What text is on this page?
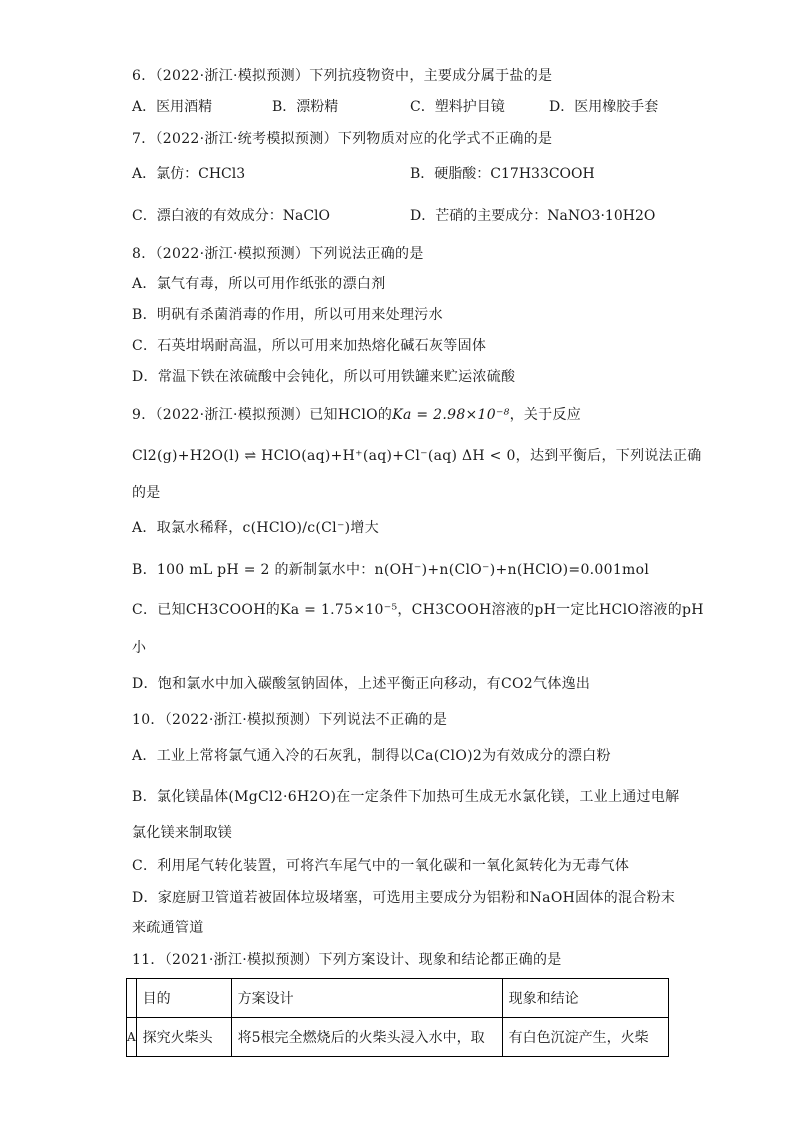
6．（2022·浙江·模拟预测）下列抗疫物资中，主要成分属于盐的是
A．医用酒精	B．漂粉精	C．塑料护目镜	D．医用橡胶手套
7．（2022·浙江·统考模拟预测）下列物质对应的化学式不正确的是
A．氯仿：CHCl3	B．硬脂酸：C17H33COOH
C．漂白液的有效成分：NaClO	D．芒硝的主要成分：NaNO3·10H2O
8．（2022·浙江·模拟预测）下列说法正确的是
A．氯气有毒，所以可用作纸张的漂白剂
B．明矾有杀菌消毒的作用，所以可用来处理污水
C．石英坩埚耐高温，所以可用来加热熔化碱石灰等固体
D．常温下铁在浓硫酸中会钝化，所以可用铁罐来贮运浓硫酸
9．（2022·浙江·模拟预测）已知HClO的Ka = 2.98×10⁻⁸，关于反应
Cl2(g)+H2O(l) ⇌ HClO(aq)+H⁺(aq)+Cl⁻(aq) ΔH < 0，达到平衡后，下列说法正确
的是
A．取氯水稀释，c(HClO)/c(Cl⁻)增大
B．100 mL pH = 2 的新制氯水中：n(OH⁻)+n(ClO⁻)+n(HClO)=0.001mol
C．已知CH3COOH的Ka = 1.75×10⁻⁵，CH3COOH溶液的pH一定比HClO溶液的pH
小
D．饱和氯水中加入碳酸氢钠固体，上述平衡正向移动，有CO2气体逸出
10．（2022·浙江·模拟预测）下列说法不正确的是
A．工业上常将氯气通入冷的石灰乳，制得以Ca(ClO)2为有效成分的漂白粉
B．氯化镁晶体(MgCl2·6H2O)在一定条件下加热可生成无水氯化镁，工业上通过电解
氯化镁来制取镁
C．利用尾气转化装置，可将汽车尾气中的一氧化碳和一氧化氮转化为无毒气体
D．家庭厨卫管道若被固体垃圾堵塞，可选用主要成分为铝粉和NaOH固体的混合粉末
来疏通管道
11．（2021·浙江·模拟预测）下列方案设计、现象和结论都正确的是
	目的	方案设计	现象和结论
A	探究火柴头	将5根完全燃烧后的火柴头浸入水中，取	有白色沉淀产生，火柴
